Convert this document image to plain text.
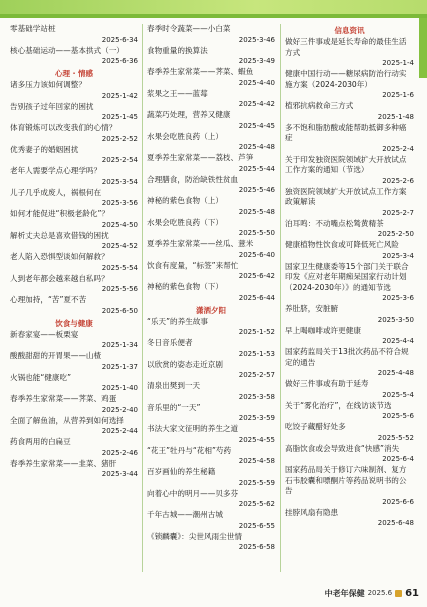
零基础学站桩
2025-6-34
核心基础运动——基本拱式（一）
2025-6-36
心理 · 情感
诸多压力该如何调整？
2025-1-42
告别孩子过年回家的困扰
2025-1-45
体育锻炼可以改变我们的心情？
2025-2-52
优秀妻子的婚姻困扰
2025-2-54
老年人需要学点心理学吗？
2025-3-54
儿子几乎成废人，祸根何在
2025-3-56
如何才能促进“积极老龄化”？
2025-4-50
解析丈夫总是喜欢借钱的困扰
2025-4-52
老人陷入恐惧型谈如何解救？
2025-5-54
人到老年都会越来越自私吗？
2025-5-56
心理加持，“苦”夏不苦
2025-6-50
饮食与健康
新春家宴——板栗宴
2025-1-34
酸酸甜甜的开胃果——山楂
2025-1-37
火锅也能“健康吃”
2025-1-40
春季养生家常菜——荠菜、鸡蛋
2025-2-40
全面了解鱼油，从营养到如何选择
2025-2-44
药食两用的白扁豆
2025-2-46
春季养生家常菜——韭菜、猪肝
2025-3-44
春季时令蔬菜——小白菜
2025-3-46
食物重量的换算法
2025-3-49
春季养生家常菜——荠菜、蝦鱼
2025-4-40
浆果之王——蓝莓
2025-4-42
蔬菜巧处理，营养又健康
2025-4-45
水果会吃胜良药（上）
2025-4-48
夏季养生家常菜——荔枝、芦笋
2025-5-44
合理膳食，防治缺铁性贫血
2025-5-46
神秘的紫色食物（上）
2025-5-48
水果会吃胜良药（下）
2025-5-50
夏季养生家常菜——丝瓜、薏米
2025-6-40
饮食有度量，“标签”来帮忙
2025-6-42
神秘的紫色食物（下）
2025-6-44
潇洒夕阳
“乐天”的养生故事
2025-1-52
冬日音乐便者
2025-1-53
以欣赏的姿态走近京剧
2025-2-57
清泉出樊到一天
2025-3-58
音乐里的“一天”
2025-3-59
书法大家文征明的养生之道
2025-4-55
“花王”牡丹与“花相”芍药
2025-4-58
百岁画仙的养生秘籍
2025-5-59
向着心中的明月——贝多芬
2025-5-62
千年古城——潮州古城
2025-6-55
《锁麟囊》：尖世风雨尘世情
2025-6-58
信息资讯
做好三件事或是延长寿命的最佳生活方式
2025-1-4
健康中国行动——糖尿病防治行动实施方案（2024-2030年）
2025-1-6
植邪抗病救命三方式
2025-1-48
多不饱和脂肪酸或能帮助抵御多种癌症
2025-2-4
关于印发独资医院领域扩大开放试点工作方案的通知（节选）
2025-2-6
独资医院领域扩大开放试点工作方案政策解读
2025-2-7
泊耳鸣：不动嘴点松鸶黄精茶
2025-2-50
健康植物性饮食或可降低死亡风险
2025-3-4
国家卫生健康委等15个部门关于联合印发《应对老年期痴呆国家行动计划（2024-2030年）》的通知节选
2025-3-6
养肚脐，安脏腑
2025-3-50
早上喝咖啡或许更健康
2025-4-4
国家药监局关于13批次药品不符合规定的通告
2025-4-48
做好三件事或有助于延寿
2025-5-4
关于“雾化治疗”，在线访谈节选
2025-5-6
吃饺子藏醋好处多
2025-5-52
高脂饮食或会导致进食“快感”消失
2025-6-4
国家药品局关于修订六味制剂、复方石韦胶囊和嘌酮片等药品说明书的公告
2025-6-6
挂脖风扇有隐患
2025-6-48
中老年保健 2025.6 61
